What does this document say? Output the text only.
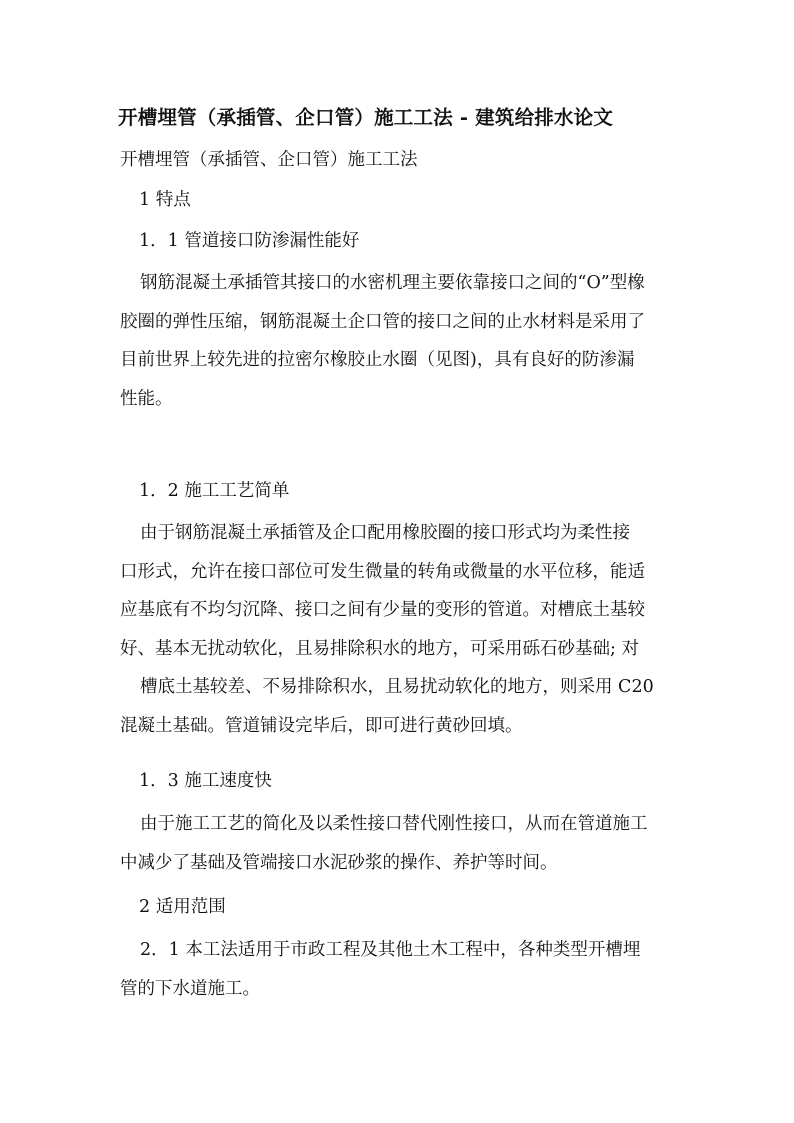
开槽埋管（承插管、企口管）施工工法 - 建筑给排水论文
开槽埋管（承插管、企口管）施工工法
1 特点
1．1 管道接口防渗漏性能好

钢筋混凝土承插管其接口的水密机理主要依靠接口之间的“O”型橡

胶圈的弹性压缩，钢筋混凝土企口管的接口之间的止水材料是采用了

目前世界上较先进的拉密尔橡胶止水圈（见图)，具有良好的防渗漏

性能。

1．2 施工工艺简单

由于钢筋混凝土承插管及企口配用橡胶圈的接口形式均为柔性接

口形式，允许在接口部位可发生微量的转角或微量的水平位移，能适

应基底有不均匀沉降、接口之间有少量的变形的管道。对槽底土基较

好、基本无扰动软化，且易排除积水的地方，可采用砾石砂基础; 对

槽底土基较差、不易排除积水，且易扰动软化的地方，则采用 C20

混凝土基础。管道铺设完毕后，即可进行黄砂回填。

1．3 施工速度快

由于施工工艺的简化及以柔性接口替代刚性接口，从而在管道施工

中减少了基础及管端接口水泥砂浆的操作、养护等时间。

2 适用范围

2．1 本工法适用于市政工程及其他土木工程中，各种类型开槽埋

管的下水道施工。
